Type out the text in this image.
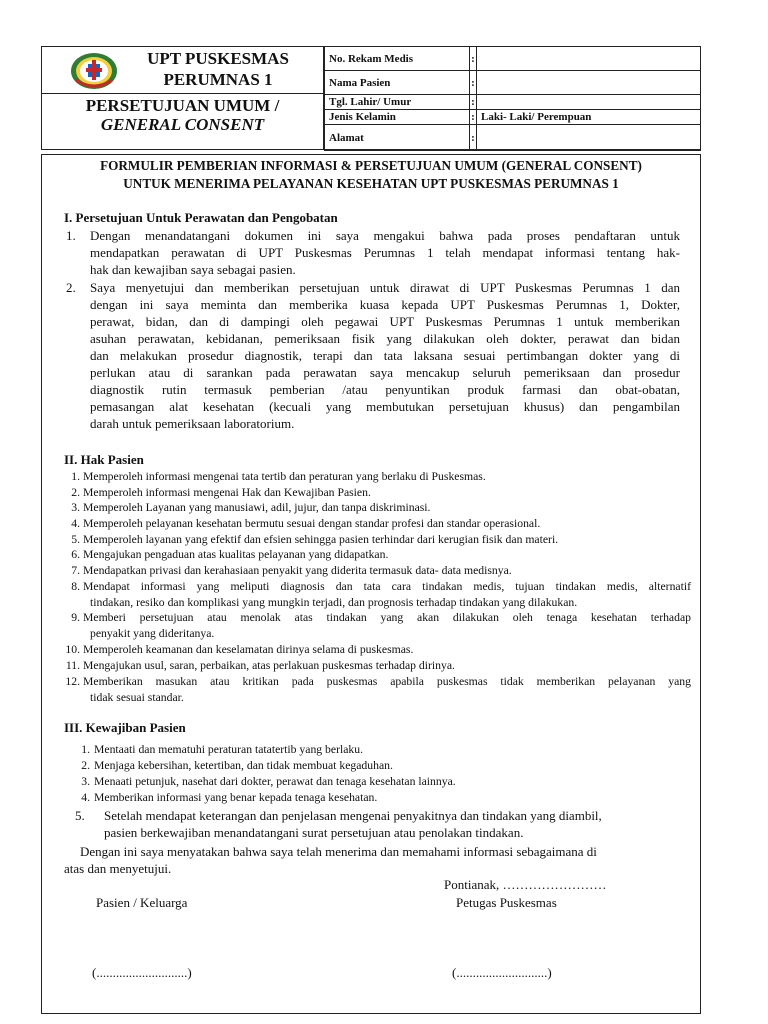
UPT PUSKESMAS
PERUMNAS 1
PERSETUJUAN UMUM /
GENERAL CONSENT
No. Rekam Medis	:	
Nama Pasien	:	
Tgl. Lahir/ Umur	:	
Jenis Kelamin	:	Laki- Laki/ Perempuan
Alamat	:	
FORMULIR PEMBERIAN INFORMASI & PERSETUJUAN UMUM (GENERAL CONSENT)
UNTUK MENERIMA PELAYANAN KESEHATAN UPT PUSKESMAS PERUMNAS 1
I. Persetujuan Untuk Perawatan dan Pengobatan
1. Dengan menandatangani dokumen ini saya mengakui bahwa pada proses pendaftaran untuk
mendapatkan perawatan di UPT Puskesmas Perumnas 1 telah mendapat informasi tentang hak-
hak dan kewajiban saya sebagai pasien.
2. Saya menyetujui dan memberikan persetujuan untuk dirawat di UPT Puskesmas Perumnas 1 dan
dengan ini saya meminta dan memberika kuasa kepada UPT Puskesmas Perumnas 1, Dokter,
perawat, bidan, dan di dampingi oleh pegawai UPT Puskesmas Perumnas 1 untuk memberikan
asuhan perawatan, kebidanan, pemeriksaan fisik yang dilakukan oleh dokter, perawat dan bidan
dan melakukan prosedur diagnostik, terapi dan tata laksana sesuai pertimbangan dokter yang di
perlukan atau di sarankan pada perawatan saya mencakup seluruh pemeriksaan dan prosedur
diagnostik rutin termasuk pemberian /atau penyuntikan produk farmasi dan obat-obatan,
pemasangan alat kesehatan (kecuali yang membutukan persetujuan khusus) dan pengambilan
darah untuk pemeriksaan laboratorium.
II. Hak Pasien
1. Memperoleh informasi mengenai tata tertib dan peraturan yang berlaku di Puskesmas.
2. Memperoleh informasi mengenai Hak dan Kewajiban Pasien.
3. Memperoleh Layanan yang manusiawi, adil, jujur, dan tanpa diskriminasi.
4. Memperoleh pelayanan kesehatan bermutu sesuai dengan standar profesi dan standar operasional.
5. Memperoleh layanan yang efektif dan efsien sehingga pasien terhindar dari kerugian fisik dan materi.
6. Mengajukan pengaduan atas kualitas pelayanan yang didapatkan.
7. Mendapatkan privasi dan kerahasiaan penyakit yang diderita termasuk data- data medisnya.
8. Mendapat informasi yang meliputi diagnosis dan tata cara tindakan medis, tujuan tindakan medis, alternatif
tindakan, resiko dan komplikasi yang mungkin terjadi, dan prognosis terhadap tindakan yang dilakukan.
9. Memberi persetujuan atau menolak atas tindakan yang akan dilakukan oleh tenaga kesehatan terhadap
penyakit yang dideritanya.
10. Memperoleh keamanan dan keselamatan dirinya selama di puskesmas.
11. Mengajukan usul, saran, perbaikan, atas perlakuan puskesmas terhadap dirinya.
12. Memberikan masukan atau kritikan pada puskesmas apabila puskesmas tidak memberikan pelayanan yang
tidak sesuai standar.
III. Kewajiban Pasien
1. Mentaati dan mematuhi peraturan tatatertib yang berlaku.
2. Menjaga kebersihan, ketertiban, dan tidak membuat kegaduhan.
3. Menaati petunjuk, nasehat dari dokter, perawat dan tenaga kesehatan lainnya.
4. Memberikan informasi yang benar kepada tenaga kesehatan.
5. Setelah mendapat keterangan dan penjelasan mengenai penyakitnya dan tindakan yang diambil,
pasien berkewajiban menandatangani surat persetujuan atau penolakan tindakan.
Dengan ini saya menyatakan bahwa saya telah menerima dan memahami informasi sebagaimana di
atas dan menyetujui.
Pontianak, ……………………
Pasien / Keluarga	Petugas Puskesmas
(............................)	(............................)
